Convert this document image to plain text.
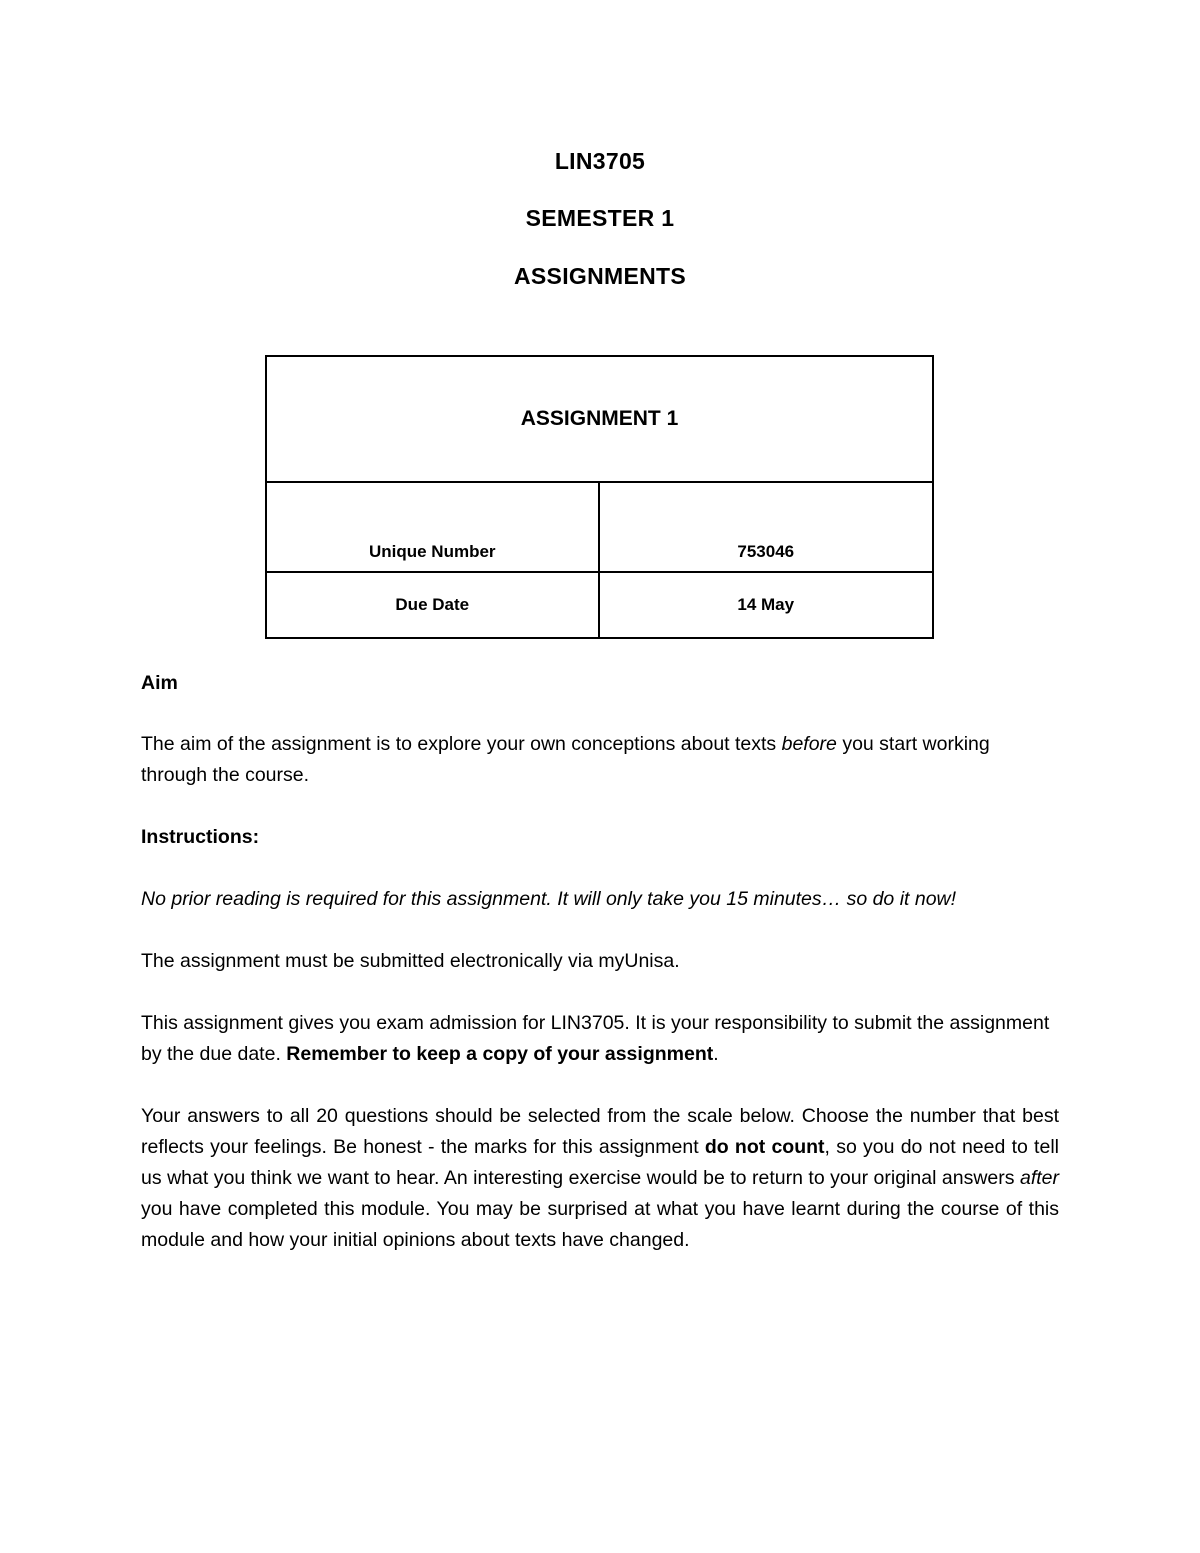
LIN3705
SEMESTER 1
ASSIGNMENTS
ASSIGNMENT 1
Unique Number	753046
Due Date	14 May
Aim
The aim of the assignment is to explore your own conceptions about texts before you start working through the course.
Instructions:
No prior reading is required for this assignment. It will only take you 15 minutes… so do it now!
The assignment must be submitted electronically via myUnisa.
This assignment gives you exam admission for LIN3705. It is your responsibility to submit the assignment by the due date. Remember to keep a copy of your assignment.
Your answers to all 20 questions should be selected from the scale below. Choose the number that best reflects your feelings. Be honest - the marks for this assignment do not count, so you do not need to tell us what you think we want to hear. An interesting exercise would be to return to your original answers after you have completed this module. You may be surprised at what you have learnt during the course of this module and how your initial opinions about texts have changed.
